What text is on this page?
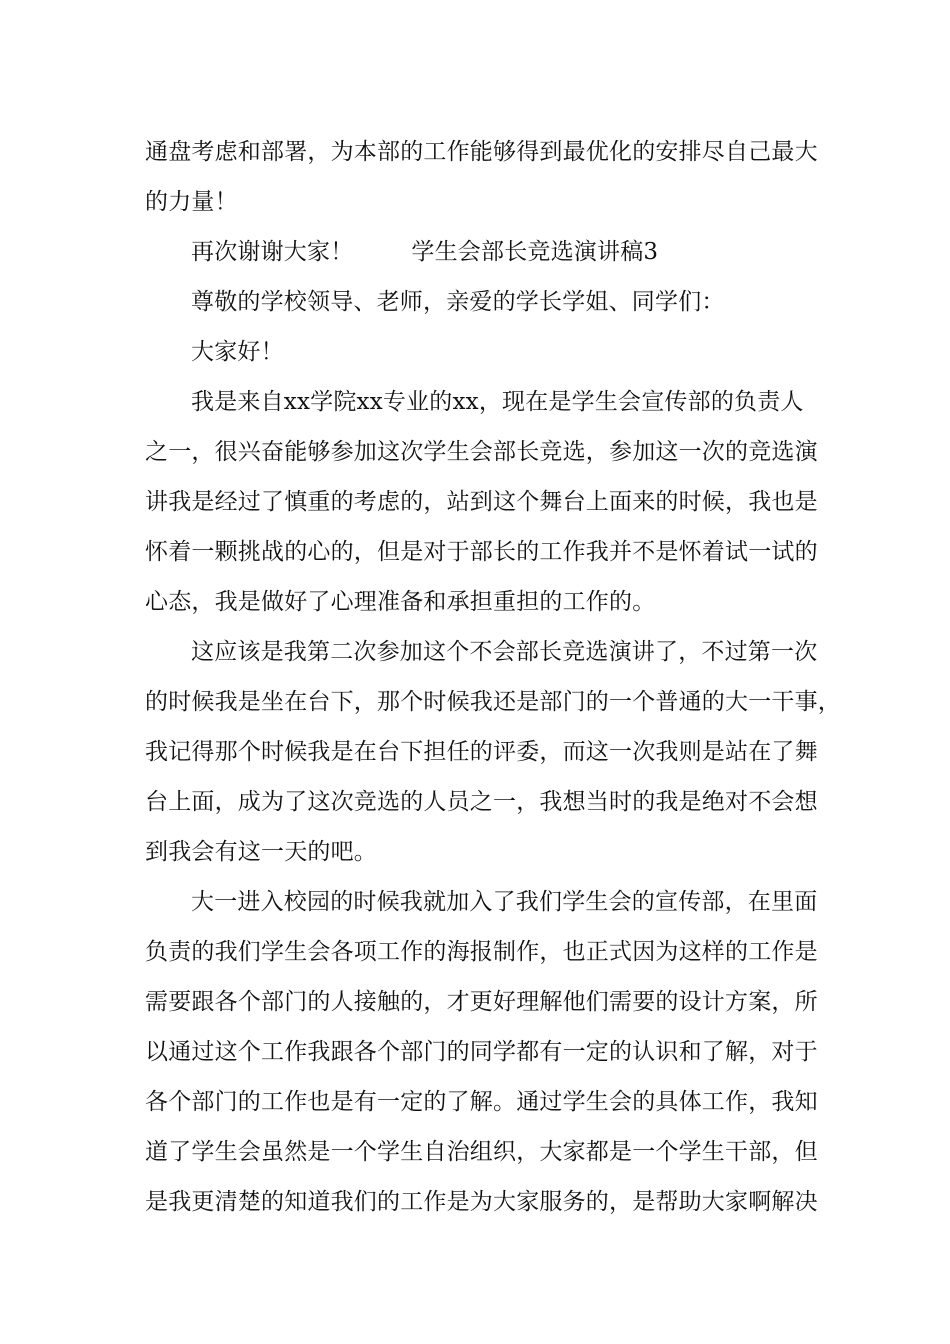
通盘考虑和部署，为本部的工作能够得到最优化的安排尽自己最大
的力量！
再次谢谢大家！	学生会部长竞选演讲稿3
尊敬的学校领导、老师，亲爱的学长学姐、同学们：
大家好！
我是来自xx学院xx专业的xx，现在是学生会宣传部的负责人
之一，很兴奋能够参加这次学生会部长竞选，参加这一次的竞选演
讲我是经过了慎重的考虑的，站到这个舞台上面来的时候，我也是
怀着一颗挑战的心的，但是对于部长的工作我并不是怀着试一试的
心态，我是做好了心理准备和承担重担的工作的。
这应该是我第二次参加这个不会部长竞选演讲了，不过第一次
的时候我是坐在台下，那个时候我还是部门的一个普通的大一干事，
我记得那个时候我是在台下担任的评委，而这一次我则是站在了舞
台上面，成为了这次竞选的人员之一，我想当时的我是绝对不会想
到我会有这一天的吧。
大一进入校园的时候我就加入了我们学生会的宣传部，在里面
负责的我们学生会各项工作的海报制作，也正式因为这样的工作是
需要跟各个部门的人接触的，才更好理解他们需要的设计方案，所
以通过这个工作我跟各个部门的同学都有一定的认识和了解，对于
各个部门的工作也是有一定的了解。通过学生会的具体工作，我知
道了学生会虽然是一个学生自治组织，大家都是一个学生干部，但
是我更清楚的知道我们的工作是为大家服务的，是帮助大家啊解决
